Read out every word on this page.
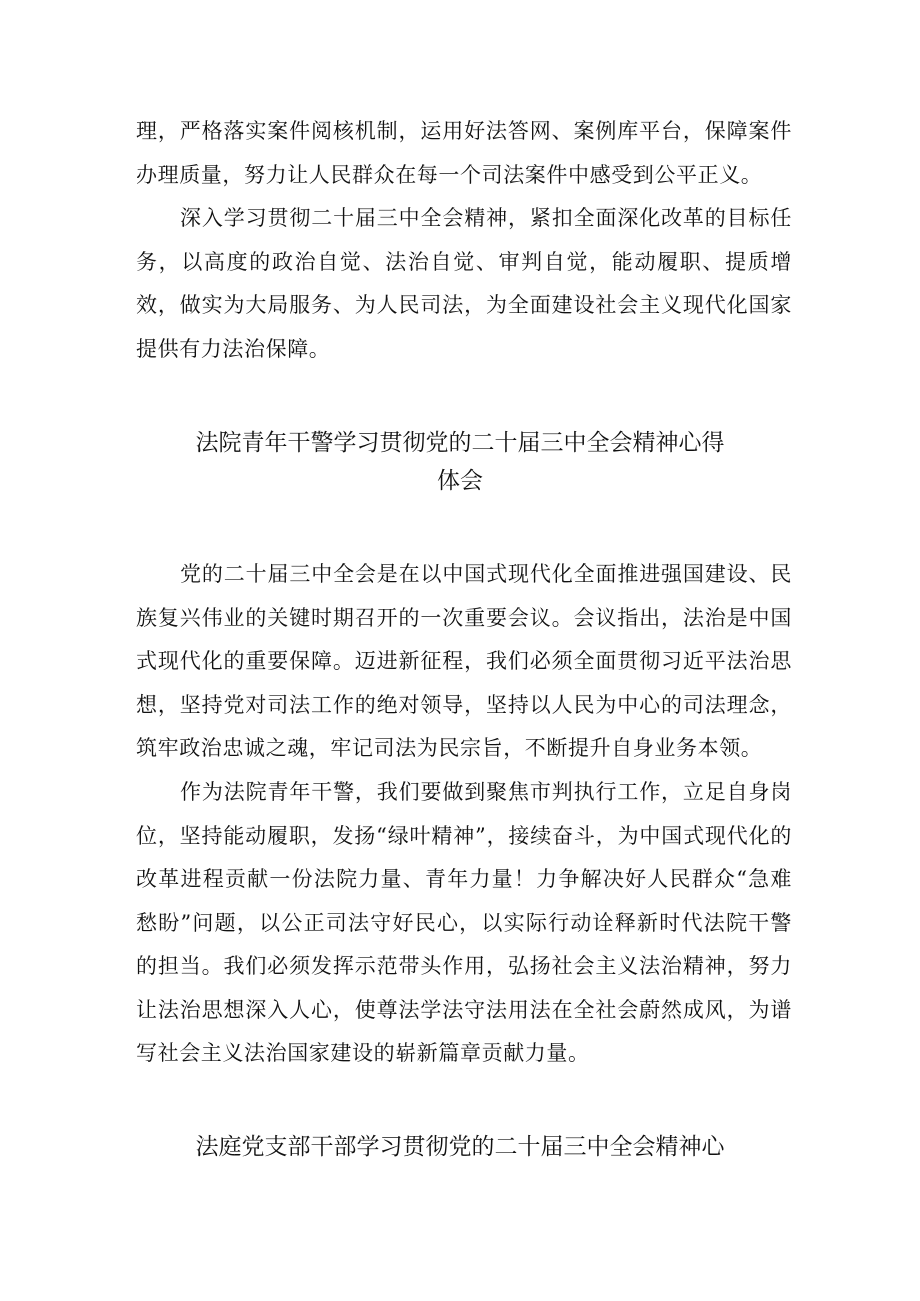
理，严格落实案件阅核机制，运用好法答网、案例库平台，保障案件办理质量，努力让人民群众在每一个司法案件中感受到公平正义。

深入学习贯彻二十届三中全会精神，紧扣全面深化改革的目标任务，以高度的政治自觉、法治自觉、审判自觉，能动履职、提质增效，做实为大局服务、为人民司法，为全面建设社会主义现代化国家提供有力法治保障。

法院青年干警学习贯彻党的二十届三中全会精神心得
体会

党的二十届三中全会是在以中国式现代化全面推进强国建设、民族复兴伟业的关键时期召开的一次重要会议。会议指出，法治是中国式现代化的重要保障。迈进新征程，我们必须全面贯彻习近平法治思想，坚持党对司法工作的绝对领导，坚持以人民为中心的司法理念，筑牢政治忠诚之魂，牢记司法为民宗旨，不断提升自身业务本领。

作为法院青年干警，我们要做到聚焦市判执行工作，立足自身岗位，坚持能动履职，发扬“绿叶精神”，接续奋斗，为中国式现代化的改革进程贡献一份法院力量、青年力量！力争解决好人民群众“急难愁盼”问题，以公正司法守好民心，以实际行动诠释新时代法院干警的担当。我们必须发挥示范带头作用，弘扬社会主义法治精神，努力让法治思想深入人心，使尊法学法守法用法在全社会蔚然成风，为谱写社会主义法治国家建设的崭新篇章贡献力量。

法庭党支部干部学习贯彻党的二十届三中全会精神心
